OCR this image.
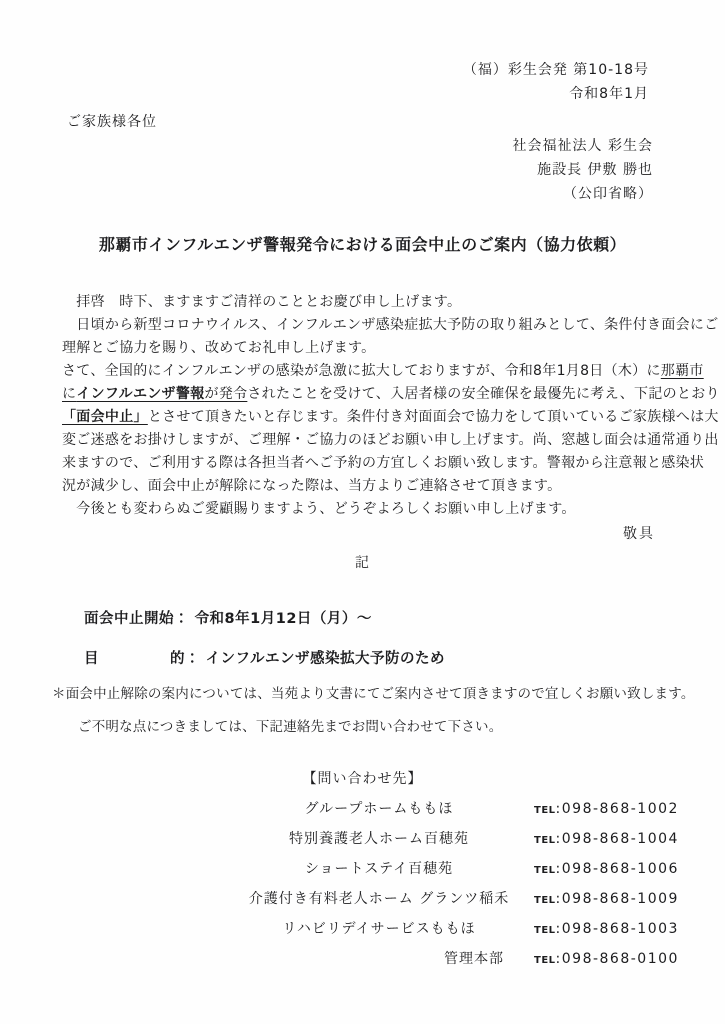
（福）彩生会発 第10-18号
令和8年1月
ご家族様各位
社会福祉法人 彩生会
施設長 伊敷 勝也
（公印省略）
那覇市インフルエンザ警報発令における面会中止のご案内（協力依頼）
　拝啓　時下、ますますご清祥のこととお慶び申し上げます。
　日頃から新型コロナウイルス、インフルエンザ感染症拡大予防の取り組みとして、条件付き面会にご
理解とご協力を賜り、改めてお礼申し上げます。
さて、全国的にインフルエンザの感染が急激に拡大しておりますが、令和8年1月8日（木）に那覇市
にインフルエンザ警報が発令されたことを受けて、入居者様の安全確保を最優先に考え、下記のとおり
「面会中止」とさせて頂きたいと存じます。条件付き対面面会で協力をして頂いているご家族様へは大
変ご迷惑をお掛けしますが、ご理解・ご協力のほどお願い申し上げます。尚、窓越し面会は通常通り出
来ますので、ご利用する際は各担当者へご予約の方宜しくお願い致します。警報から注意報と感染状
況が減少し、面会中止が解除になった際は、当方よりご連絡させて頂きます。
　今後とも変わらぬご愛顧賜りますよう、どうぞよろしくお願い申し上げます。
敬具
記
面会中止開始： 令和8年1月12日（月）～
目	的： インフルエンザ感染拡大予防のため
＊面会中止解除の案内については、当苑より文書にてご案内させて頂きますので宜しくお願い致します。
ご不明な点につきましては、下記連絡先までお問い合わせて下さい。
【問い合わせ先】
グループホームももほ	TEL:098-868-1002
特別養護老人ホーム百穂苑	TEL:098-868-1004
ショートステイ百穂苑	TEL:098-868-1006
介護付き有料老人ホーム グランツ稲禾	TEL:098-868-1009
リハビリデイサービスももほ	TEL:098-868-1003
管理本部	TEL:098-868-0100
